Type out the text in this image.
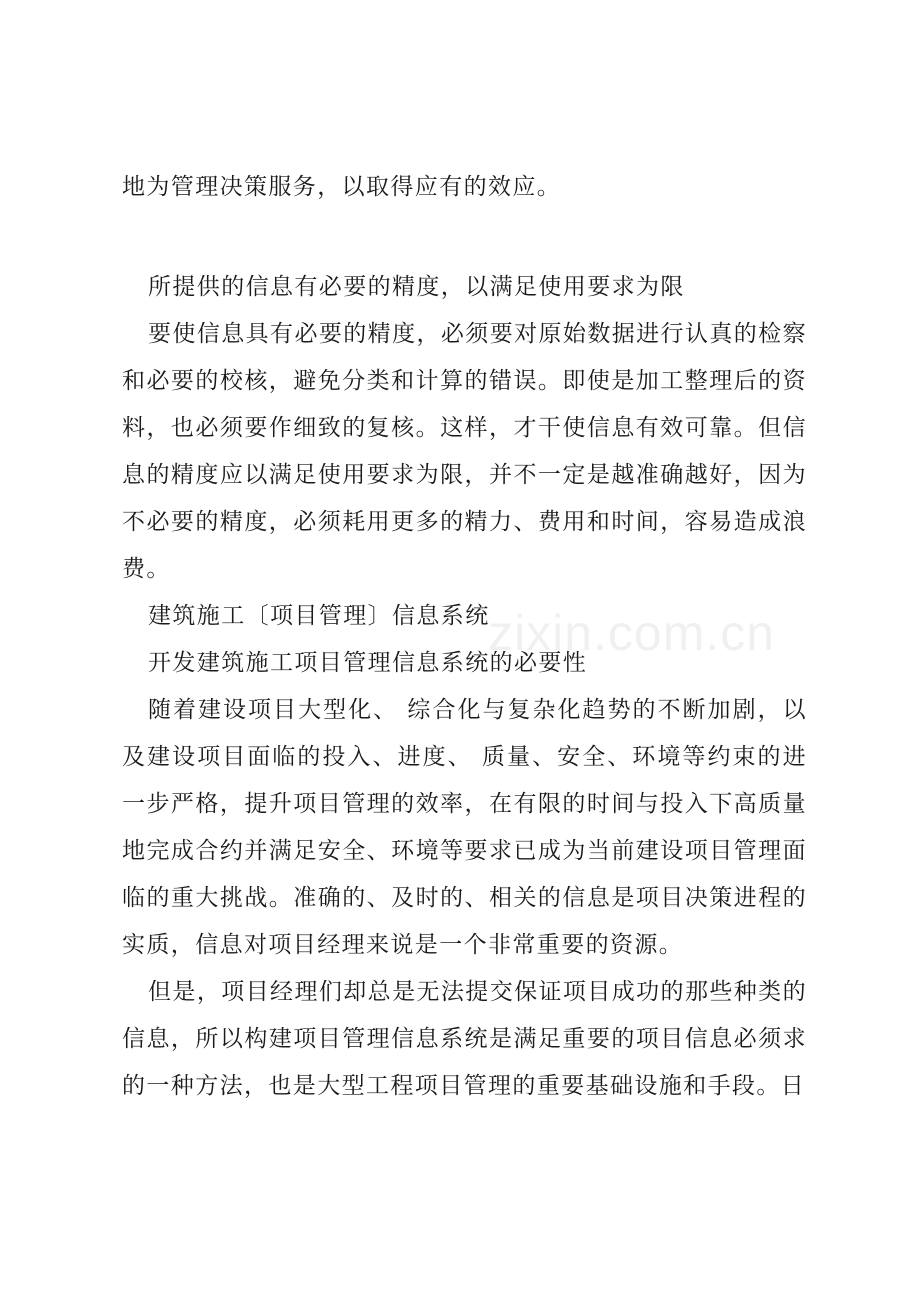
zixin.com.cn

地为管理决策服务，以取得应有的效应。

所提供的信息有必要的精度，以满足使用要求为限

要使信息具有必要的精度，必须要对原始数据进行认真的检察和必要的校核，避免分类和计算的错误。即使是加工整理后的资料，也必须要作细致的复核。这样，才干使信息有效可靠。但信息的精度应以满足使用要求为限，并不一定是越准确越好，因为不必要的精度，必须耗用更多的精力、费用和时间，容易造成浪费。

建筑施工〔项目管理〕信息系统

开发建筑施工项目管理信息系统的必要性

随着建设项目大型化、 综合化与复杂化趋势的不断加剧，以及建设项目面临的投入、进度、 质量、安全、环境等约束的进一步严格，提升项目管理的效率，在有限的时间与投入下高质量地完成合约并满足安全、环境等要求已成为当前建设项目管理面临的重大挑战。准确的、及时的、相关的信息是项目决策进程的实质，信息对项目经理来说是一个非常重要的资源。

但是，项目经理们却总是无法提交保证项目成功的那些种类的信息，所以构建项目管理信息系统是满足重要的项目信息必须求的一种方法，也是大型工程项目管理的重要基础设施和手段。日
